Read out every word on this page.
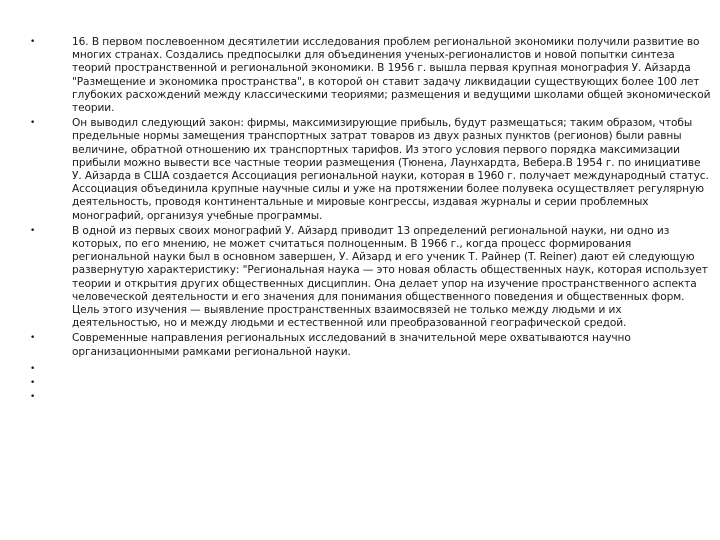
•	16. В первом послевоенном десятилетии исследования проблем региональной экономики получили развитие во многих странах. Создались предпосылки для объединения ученых-регионалистов и новой попытки синтеза теорий пространственной и региональной экономики. В 1956 г. вышла первая крупная монография У. Айзарда "Размещение и экономика пространства", в которой он ставит задачу ликвидации существующих более 100 лет глубоких расхождений между классическими теориями; размещения и ведущими школами общей экономической теории.
•	Он выводил следующий закон: фирмы, максимизирующие прибыль, будут размещаться; таким образом, чтобы предельные нормы замещения транспортных затрат товаров из двух разных пунктов (регионов) были равны величине, обратной отношению их транспортных тарифов. Из этого условия первого порядка максимизации прибыли можно вывести все частные теории размещения (Тюнена, Лаунхардта, Вебера.В 1954 г. по инициативе У. Айзарда в США создается Ассоциация региональной науки, которая в 1960 г. получает международный статус. Ассоциация объединила крупные научные силы и уже на протяжении более полувека осуществляет регулярную деятельность, проводя континентальные и мировые конгрессы, издавая журналы и серии проблемных монографий, организуя учебные программы.
•	В одной из первых своих монографий У. Айзард приводит 13 определений региональной науки, ни одно из которых, по его мнению, не может считаться полноценным. В 1966 г., когда процесс формирования региональной науки был в основном завершен, У. Айзард и его ученик Т. Райнер (T. Reiner) дают ей следующую развернутую характеристику: "Региональная наука — это новая область общественных наук, которая использует теории и открытия других общественных дисциплин. Она делает упор на изучение пространственного аспекта человеческой деятельности и его значения для понимания общественного поведения и общественных форм. Цель этого изучения — выявление пространственных взаимосвязей не только между людьми и их деятельностью, но и между людьми и естественной или преобразованной географической средой.
•	Современные направления региональных исследований в значительной мере охватываются научно организационными рамками региональной науки.
•
•
•
